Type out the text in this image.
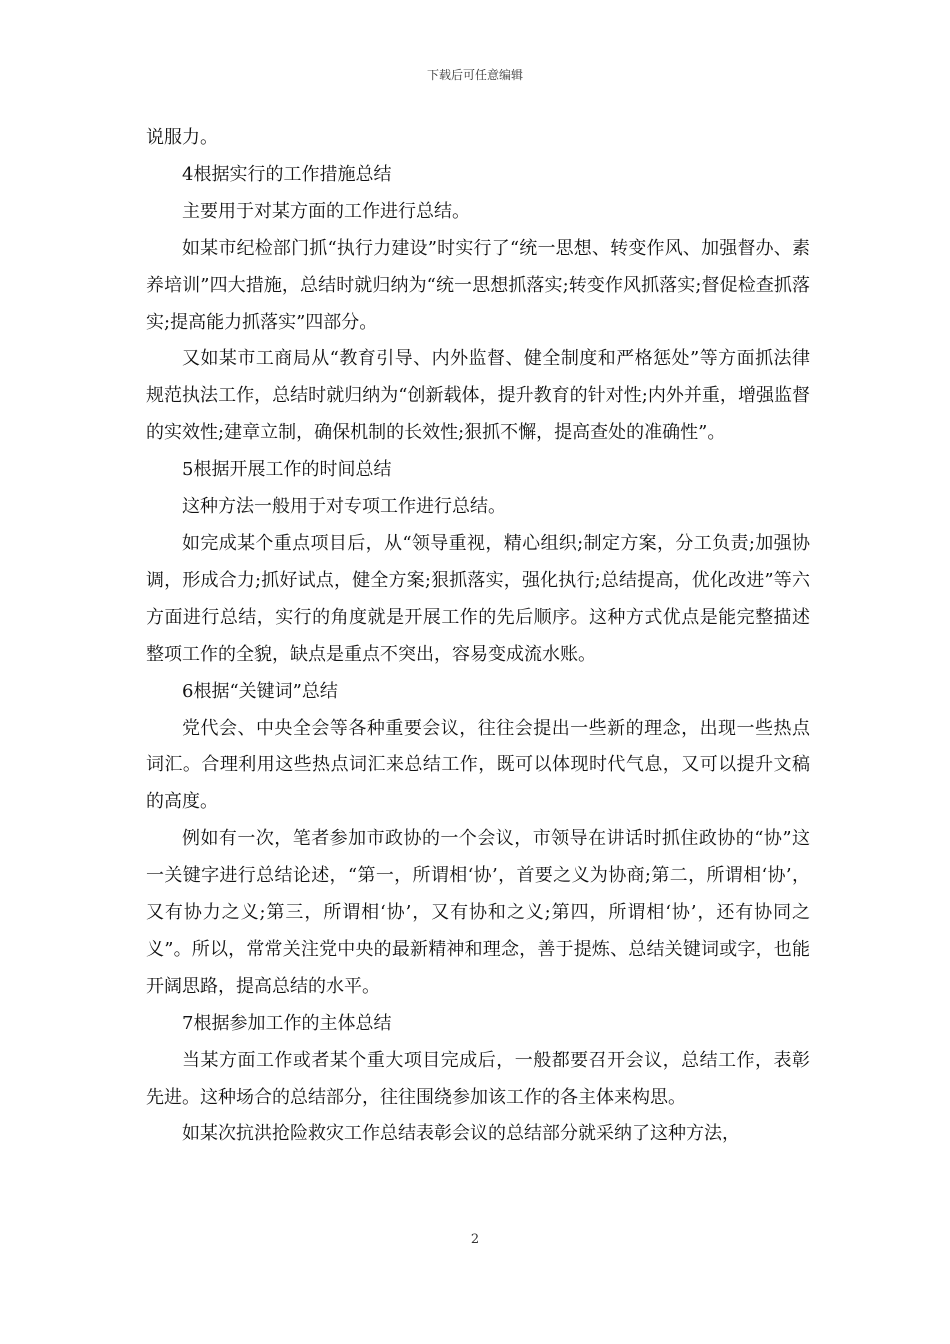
下载后可任意编辑

说服力。

4根据实行的工作措施总结

主要用于对某方面的工作进行总结。

如某市纪检部门抓“执行力建设”时实行了“统一思想、转变作风、加强督办、素养培训”四大措施，总结时就归纳为“统一思想抓落实;转变作风抓落实;督促检查抓落实;提高能力抓落实”四部分。

又如某市工商局从“教育引导、内外监督、健全制度和严格惩处”等方面抓法律规范执法工作，总结时就归纳为“创新载体，提升教育的针对性;内外并重，增强监督的实效性;建章立制，确保机制的长效性;狠抓不懈，提高查处的准确性”。

5根据开展工作的时间总结

这种方法一般用于对专项工作进行总结。

如完成某个重点项目后，从“领导重视，精心组织;制定方案，分工负责;加强协调，形成合力;抓好试点，健全方案;狠抓落实，强化执行;总结提高，优化改进”等六方面进行总结，实行的角度就是开展工作的先后顺序。这种方式优点是能完整描述整项工作的全貌，缺点是重点不突出，容易变成流水账。

6根据“关键词”总结

党代会、中央全会等各种重要会议，往往会提出一些新的理念，出现一些热点词汇。合理利用这些热点词汇来总结工作，既可以体现时代气息，又可以提升文稿的高度。

例如有一次，笔者参加市政协的一个会议，市领导在讲话时抓住政协的“协”这一关键字进行总结论述，“第一，所谓相‘协’，首要之义为协商;第二，所谓相‘协’，又有协力之义;第三，所谓相‘协’，又有协和之义;第四，所谓相‘协’，还有协同之义”。所以，常常关注党中央的最新精神和理念，善于提炼、总结关键词或字，也能开阔思路，提高总结的水平。

7根据参加工作的主体总结

当某方面工作或者某个重大项目完成后，一般都要召开会议，总结工作，表彰先进。这种场合的总结部分，往往围绕参加该工作的各主体来构思。

如某次抗洪抢险救灾工作总结表彰会议的总结部分就采纳了这种方法，

2
